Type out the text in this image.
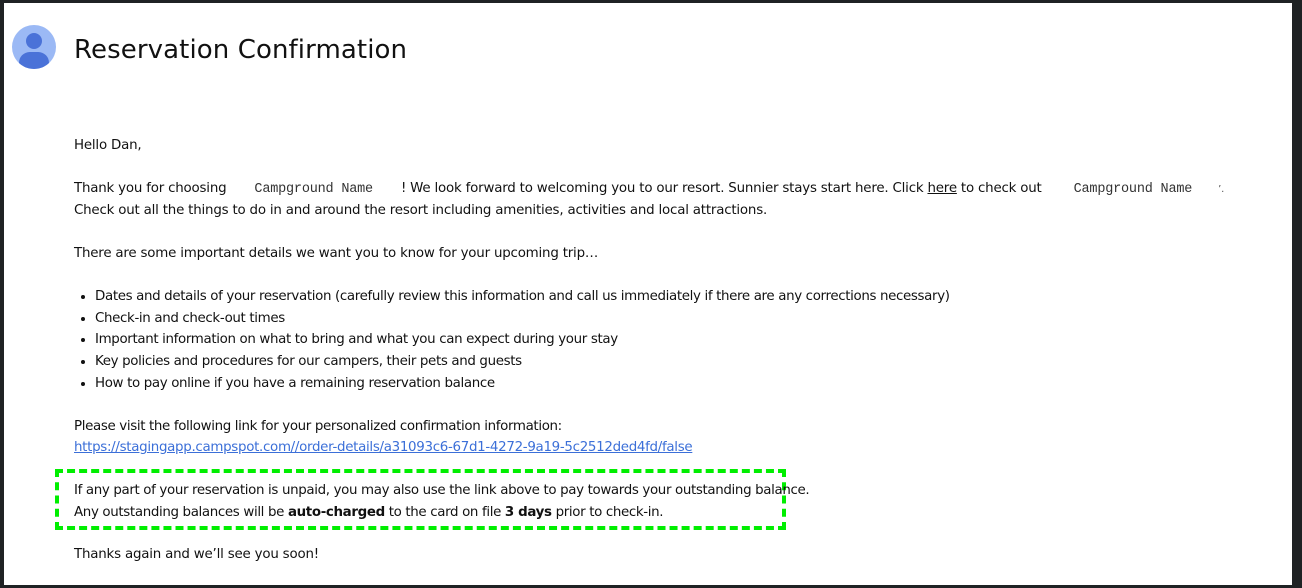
Reservation Confirmation
Hello Dan,
Thank you for choosing Campground Name ! We look forward to welcoming you to our resort. Sunnier stays start here. Click here to check out Campground Name	’.
Check out all the things to do in and around the resort including amenities, activities and local attractions.
There are some important details we want you to know for your upcoming trip…
Dates and details of your reservation (carefully review this information and call us immediately if there are any corrections necessary)
Check-in and check-out times
Important information on what to bring and what you can expect during your stay
Key policies and procedures for our campers, their pets and guests
How to pay online if you have a remaining reservation balance
Please visit the following link for your personalized confirmation information:
https://stagingapp.campspot.com//order-details/a31093c6-67d1-4272-9a19-5c2512ded4fd/false
If any part of your reservation is unpaid, you may also use the link above to pay towards your outstanding balance.
Any outstanding balances will be auto-charged to the card on file 3 days prior to check-in.
Thanks again and we’ll see you soon!
